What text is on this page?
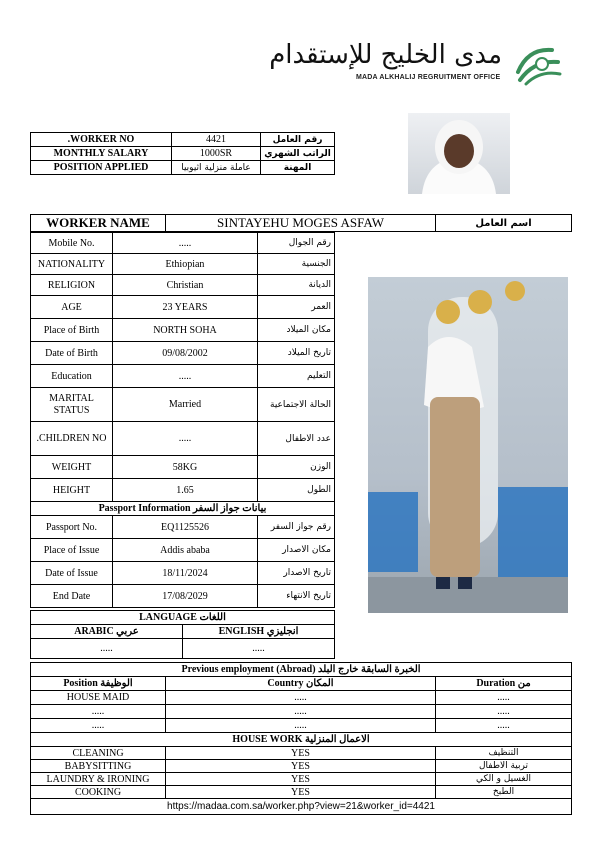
مدى الخليج للإستقدام
MADA ALKHALIJ REGRUITMENT OFFICE
.WORKER NO	4421	رقم العامل
MONTHLY SALARY	1000SR	الراتب الشهري
POSITION APPLIED	عاملة منزلية اثيوبيا	المهنة
WORKER NAME	SINTAYEHU MOGES ASFAW	اسم العامل
Mobile No.	.....	رقم الجوال
NATIONALITY	Ethiopian	الجنسية
RELIGION	Christian	الديانة
AGE	23 YEARS	العمر
Place of Birth	NORTH SOHA	مكان الميلاد
Date of Birth	09/08/2002	تاريخ الميلاد
Education	.....	التعليم
MARITAL STATUS	Married	الحالة الاجتماعية
.CHILDREN NO	.....	عدد الاطفال
WEIGHT	58KG	الوزن
HEIGHT	1.65	الطول
Passport Information بيانات جواز السفر		
Passport No.	EQ1125526	رقم جواز السفر
Place of Issue	Addis ababa	مكان الاصدار
Date of Issue	18/11/2024	تاريخ الاصدار
End Date	17/08/2029	تاريخ الانتهاء
LANGUAGE اللغات	
ARABIC عربي	ENGLISH انجليزي
.....	.....
Previous employment (Abroad) الخبرة السابقة خارج البلد		
Position الوظيفة	Country المكان	Duration من
HOUSE MAID	.....	.....
.....	.....	.....
.....	.....	.....
HOUSE WORK الاعمال المنزلية		
CLEANING	YES	التنظيف
BABYSITTING	YES	تربية الاطفال
LAUNDRY & IRONING	YES	الغسيل و الكي
COOKING	YES	الطبخ
https://madaa.com.sa/worker.php?view=21&worker_id=4421		
